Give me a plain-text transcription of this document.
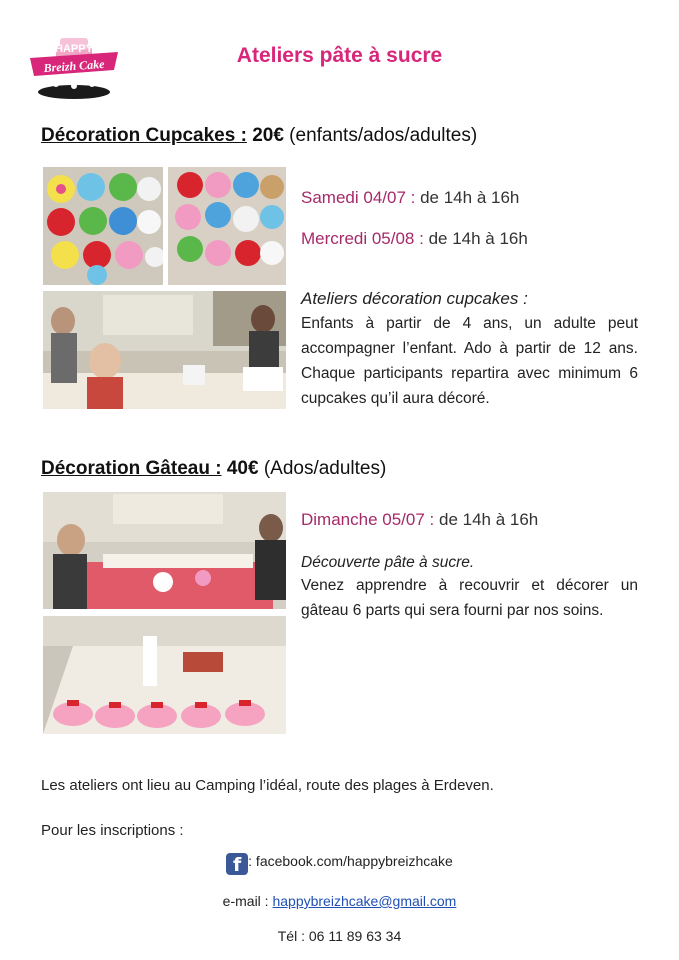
HAPPY
Breizh Cake	Ateliers pâte à sucre
Décoration Cupcakes : 20€ (enfants/ados/adultes)
Samedi 04/07 : de 14h à 16h
Mercredi 05/08 : de 14h à 16h
Ateliers décoration cupcakes :
Enfants à partir de 4 ans, un adulte peut accompagner l’enfant. Ado à partir de 12 ans. Chaque participants repartira avec minimum 6 cupcakes qu’il aura décoré.
Décoration Gâteau : 40€ (Ados/adultes)
Dimanche 05/07 : de 14h à 16h
Découverte pâte à sucre.
Venez apprendre à recouvrir et décorer un gâteau 6 parts qui sera fourni par nos soins.
Les ateliers ont lieu au Camping l’idéal, route des plages à Erdeven.
Pour les inscriptions :
f : facebook.com/happybreizhcake
e-mail : happybreizhcake@gmail.com
Tél : 06 11 89 63 34
